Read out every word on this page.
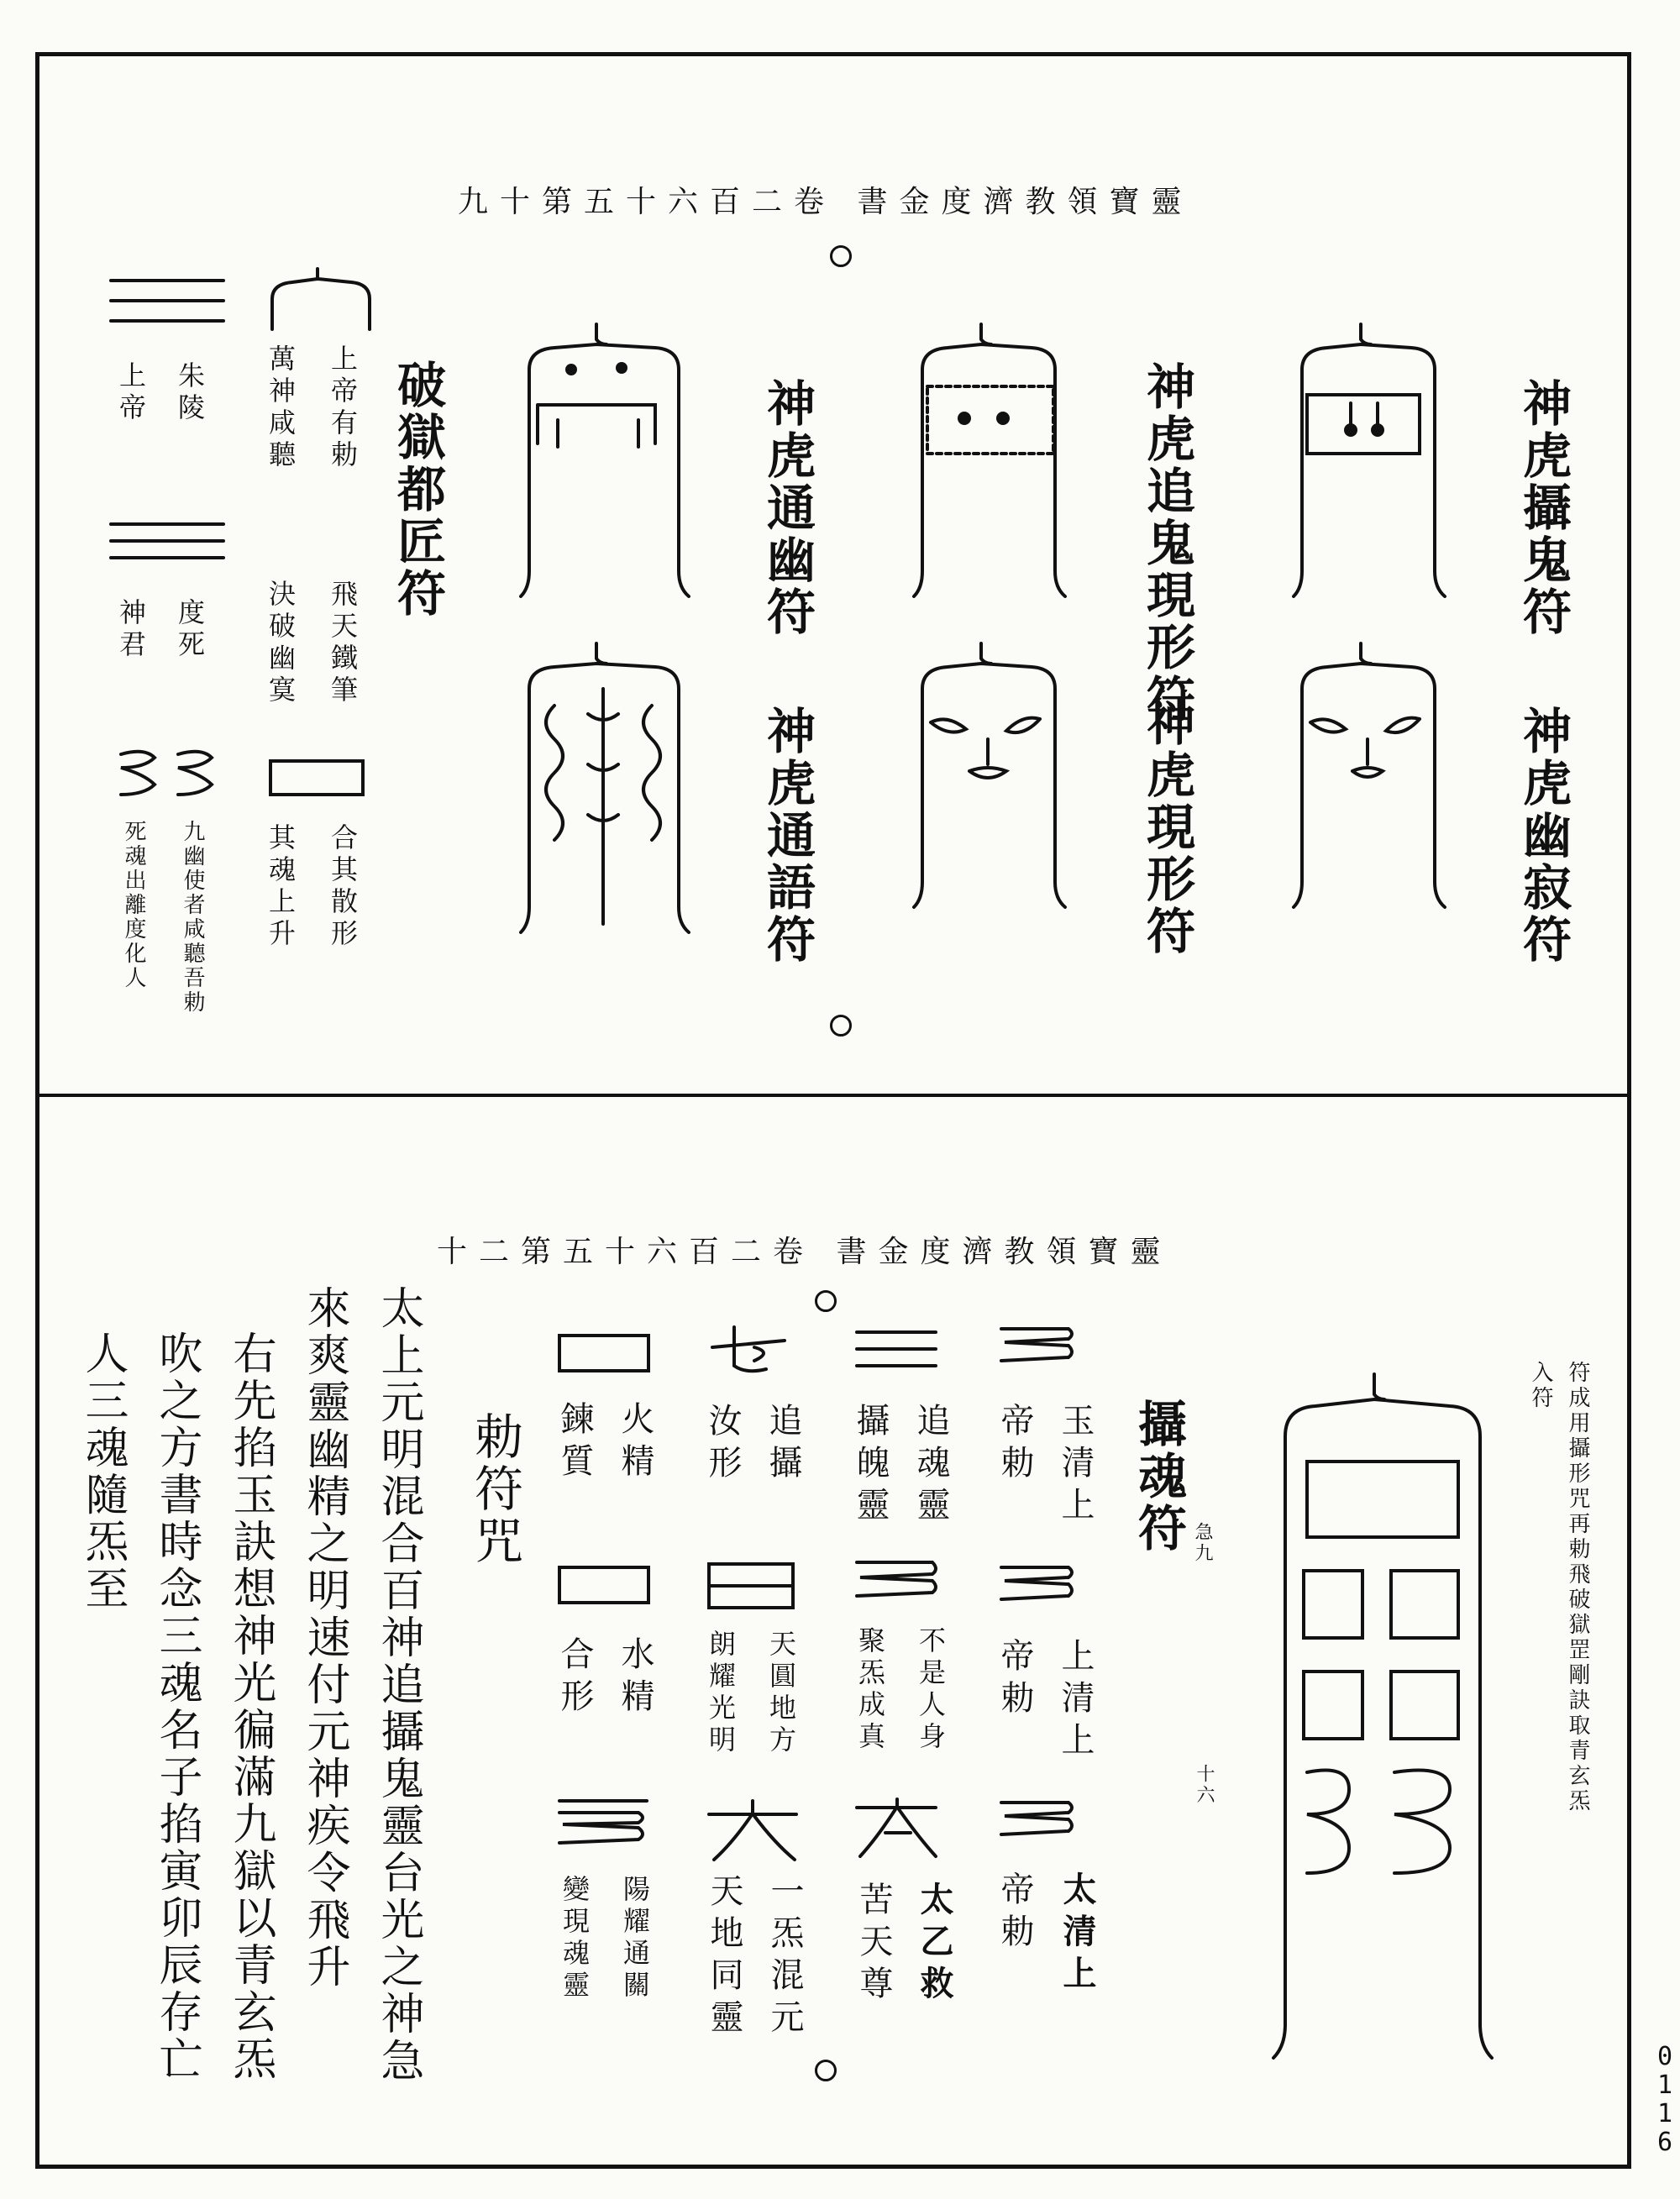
靈寶領教濟度金書 卷二百六十五第十九
神虎攝鬼符
神虎幽寂符
神虎追鬼現形符
神虎現形符
神虎通幽符
神虎通語符
破獄都匠符
上帝有勅
萬神咸聽
飛天鐵筆
決破幽寞
合其散形
其魂上升
朱陵
上帝
度死
神君
九幽使者咸聽吾勅
死魂出離度化人
靈寶領教濟度金書 卷二百六十五第二十
符成用攝形咒再勅飛破獄罡剛訣取青玄炁入符
攝魂符 急九
十六
玉清上
帝勅
上清上
帝勅
太清上
帝勅
追魂靈
攝魄靈
不是人身
聚炁成真
太乙救
苦天尊
追攝
汝形
天圓地方
朗耀光明
一炁混元
天地同靈
火精
鍊質
水精
合形
陽耀通關
變現魂靈
勅符咒
太上元明混合百神追攝鬼靈台光之神急
來爽靈幽精之明速付元神疾令飛升
右先掐玉訣想神光徧滿九獄以青玄炁
吹之方書時念三魂名子掐寅卯辰存亡
人三魂隨炁至
0116
